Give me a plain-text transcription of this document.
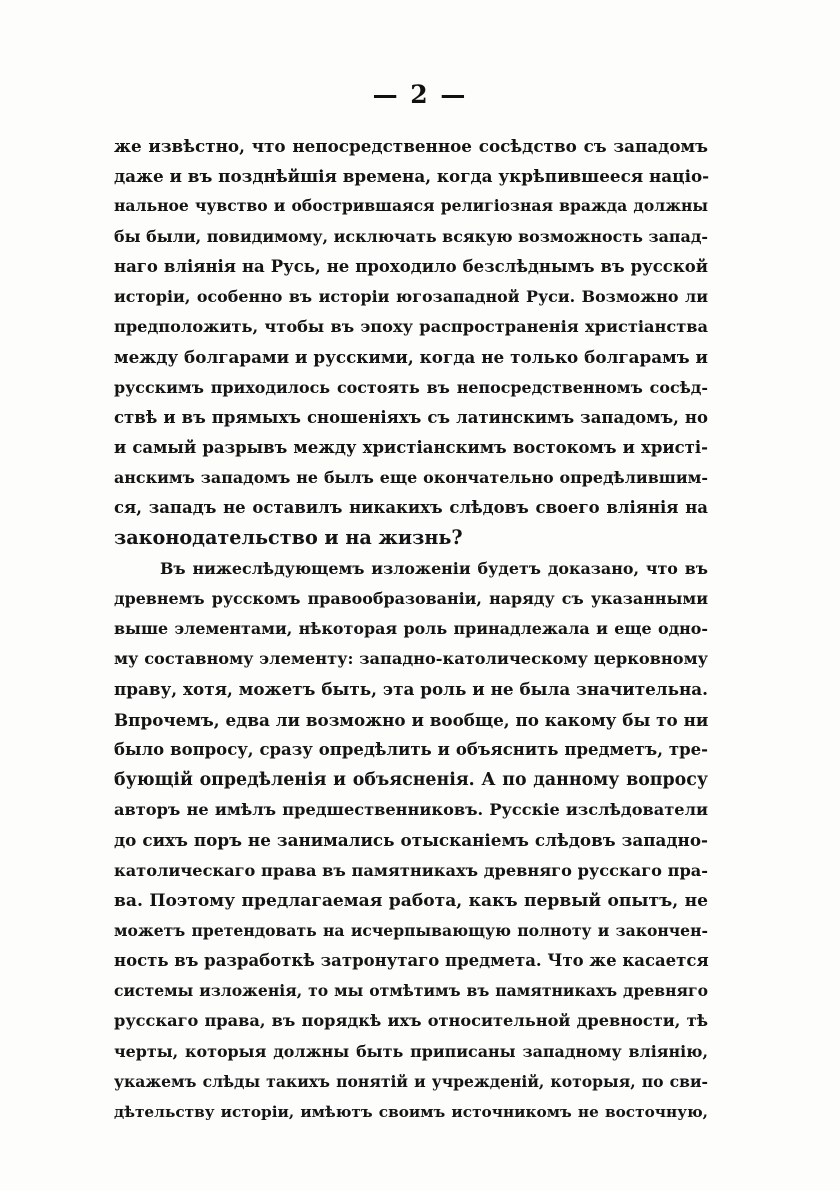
— 2 —
же извѣстно, что непосредственное сосѣдство съ западомъ
даже и въ позднѣйшія времена, когда укрѣпившееся націо-
нальное чувство и обострившаяся религіозная вражда должны
бы были, повидимому, исключать всякую возможность запад-
наго вліянія на Русь, не проходило безслѣднымъ въ русской
исторіи, особенно въ исторіи югозападной Руси. Возможно ли
предположить, чтобы въ эпоху распространенія христіанства
между болгарами и русскими, когда не только болгарамъ и
русскимъ приходилось состоять въ непосредственномъ сосѣд-
ствѣ и въ прямыхъ сношеніяхъ съ латинскимъ западомъ, но
и самый разрывъ между христіанскимъ востокомъ и христі-
анскимъ западомъ не былъ еще окончательно опредѣлившим-
ся, западъ не оставилъ никакихъ слѣдовъ своего вліянія на
законодательство и на жизнь?
Въ нижеслѣдующемъ изложеніи будетъ доказано, что въ
древнемъ русскомъ правообразованіи, наряду съ указанными
выше элементами, нѣкоторая роль принадлежала и еще одно-
му составному элементу: западно-католическому церковному
праву, хотя, можетъ быть, эта роль и не была значительна.
Впрочемъ, едва ли возможно и вообще, по какому бы то ни
было вопросу, сразу опредѣлить и объяснить предметъ, тре-
бующій опредѣленія и объясненія. А по данному вопросу
авторъ не имѣлъ предшественниковъ. Русскіе изслѣдователи
до сихъ поръ не занимались отысканіемъ слѣдовъ западно-
католическаго права въ памятникахъ древняго русскаго пра-
ва. Поэтому предлагаемая работа, какъ первый опытъ, не
можетъ претендовать на исчерпывающую полноту и закончен-
ность въ разработкѣ затронутаго предмета. Что же касается
системы изложенія, то мы отмѣтимъ въ памятникахъ древняго
русскаго права, въ порядкѣ ихъ относительной древности, тѣ
черты, которыя должны быть приписаны западному вліянію,
укажемъ слѣды такихъ понятій и учрежденій, которыя, по сви-
дѣтельству исторіи, имѣютъ своимъ источникомъ не восточную,
